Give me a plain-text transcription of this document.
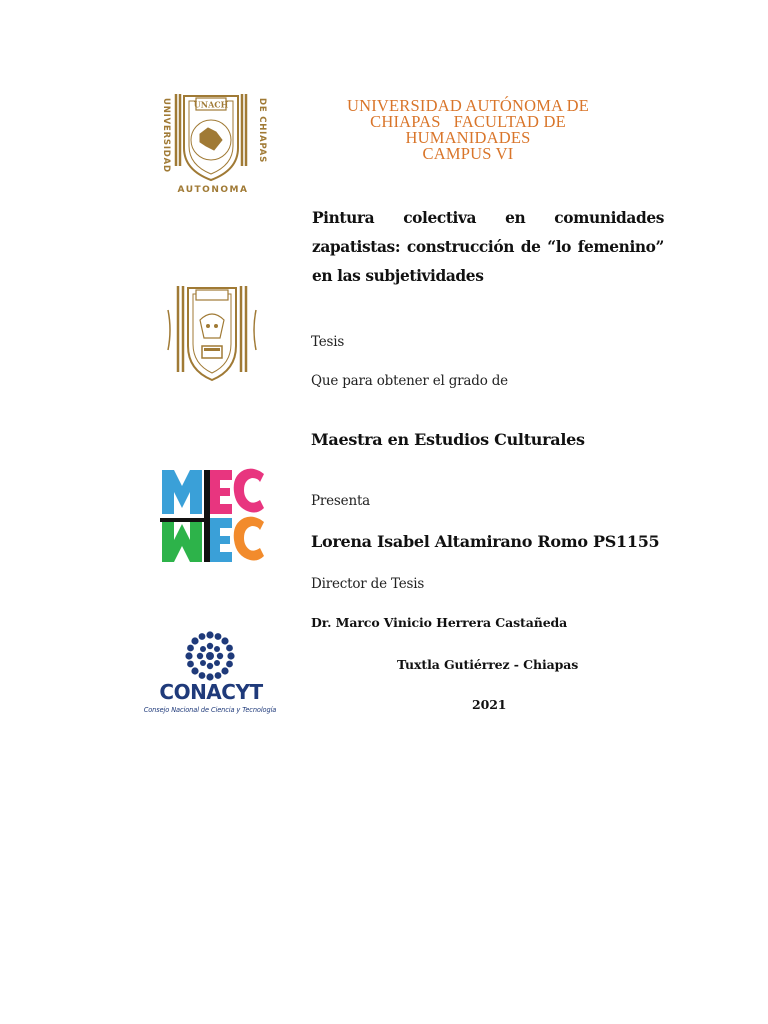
UNACH
UNIVERSIDAD	DE CHIAPAS
AUTONOMA
UNIVERSIDAD AUTÓNOMA DE
CHIAPAS   FACULTAD DE
HUMANIDADES
CAMPUS VI
Pintura colectiva en comunidades zapatistas: construcción de “lo femenino” en las subjetividades
Tesis
Que para obtener el grado de
Maestra en Estudios Culturales
Presenta
Lorena Isabel Altamirano Romo PS1155
Director de Tesis
Dr. Marco Vinicio Herrera Castañeda
Tuxtla Gutiérrez - Chiapas
2021
CONACYT
Consejo Nacional de Ciencia y Tecnología
